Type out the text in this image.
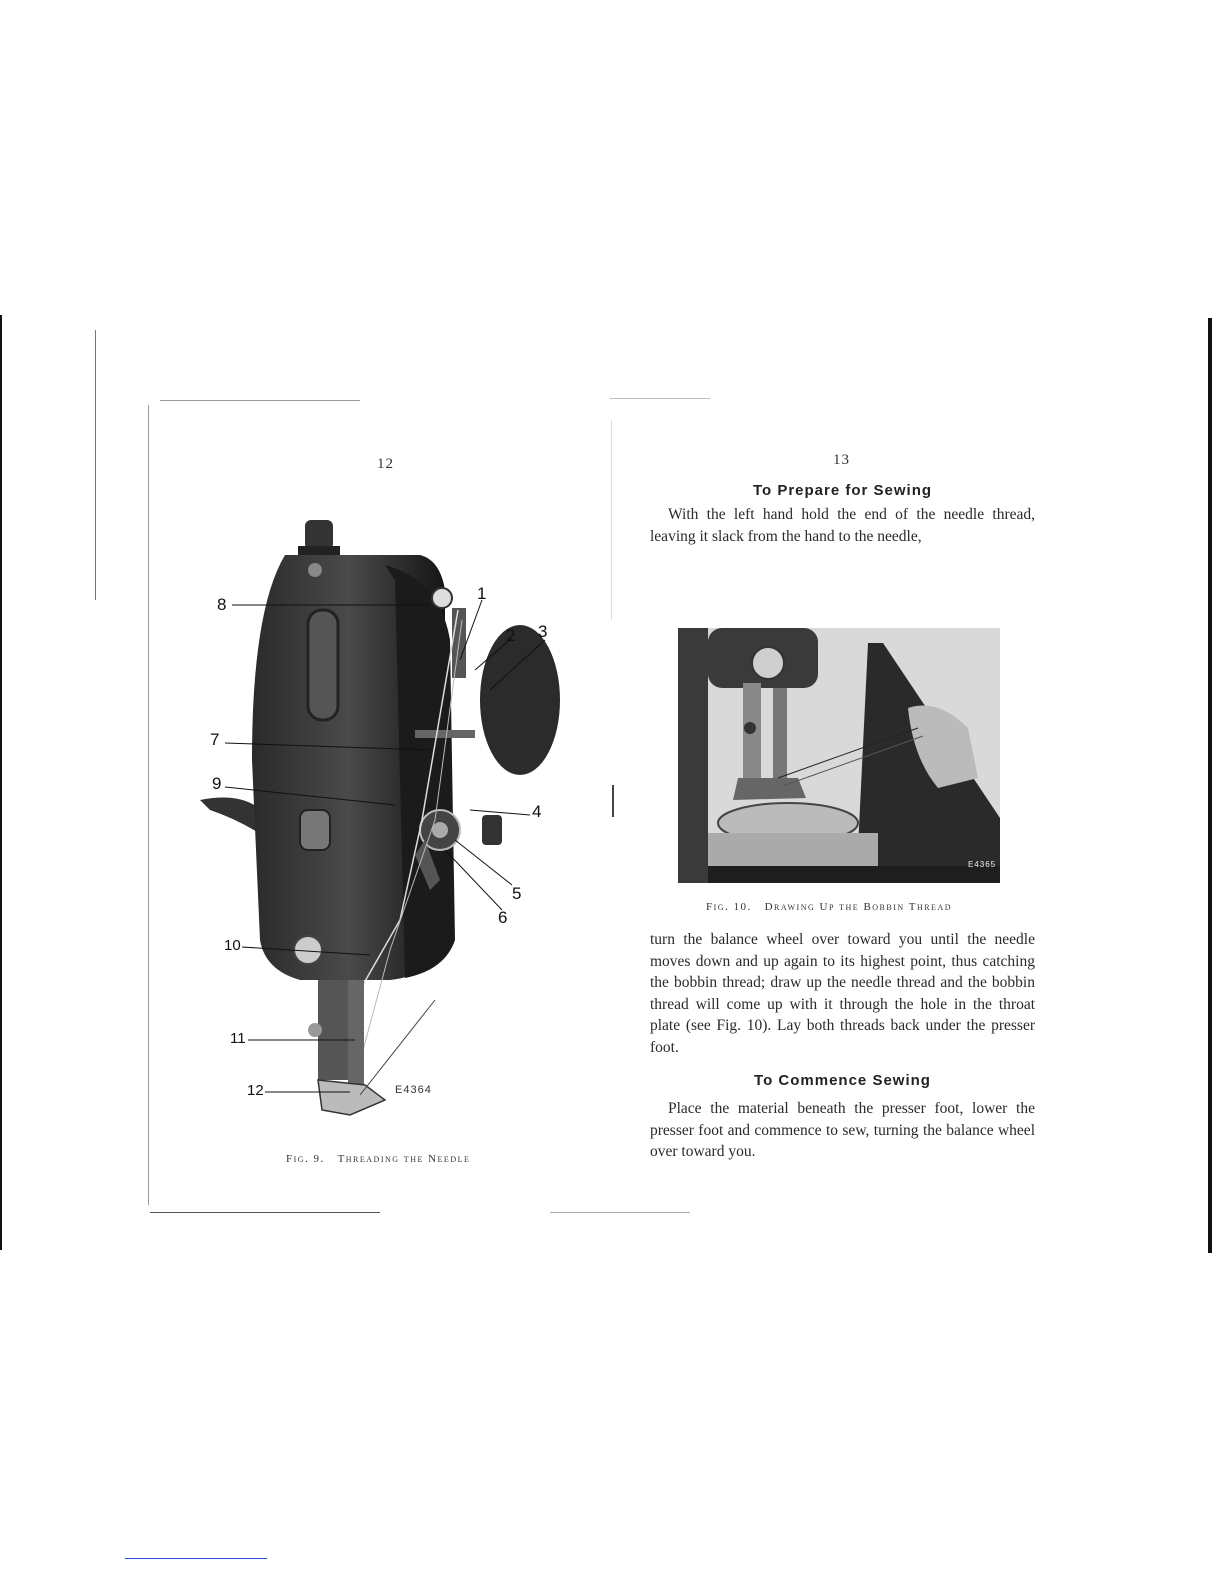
12
1
2 3
4
5
6
7
8
9
10
11
12	E4364
Fig. 9. Threading the Needle
13
To Prepare for Sewing

With the left hand hold the end of the needle thread, leaving it slack from the hand to the needle,

E4365
Fig. 10. Drawing Up the Bobbin Thread

turn the balance wheel over toward you until the needle moves down and up again to its highest point, thus catching the bobbin thread; draw up the needle thread and the bobbin thread will come up with it through the hole in the throat plate (see Fig. 10). Lay both threads back under the presser foot.

To Commence Sewing

Place the material beneath the presser foot, lower the presser foot and commence to sew, turning the balance wheel over toward you.
